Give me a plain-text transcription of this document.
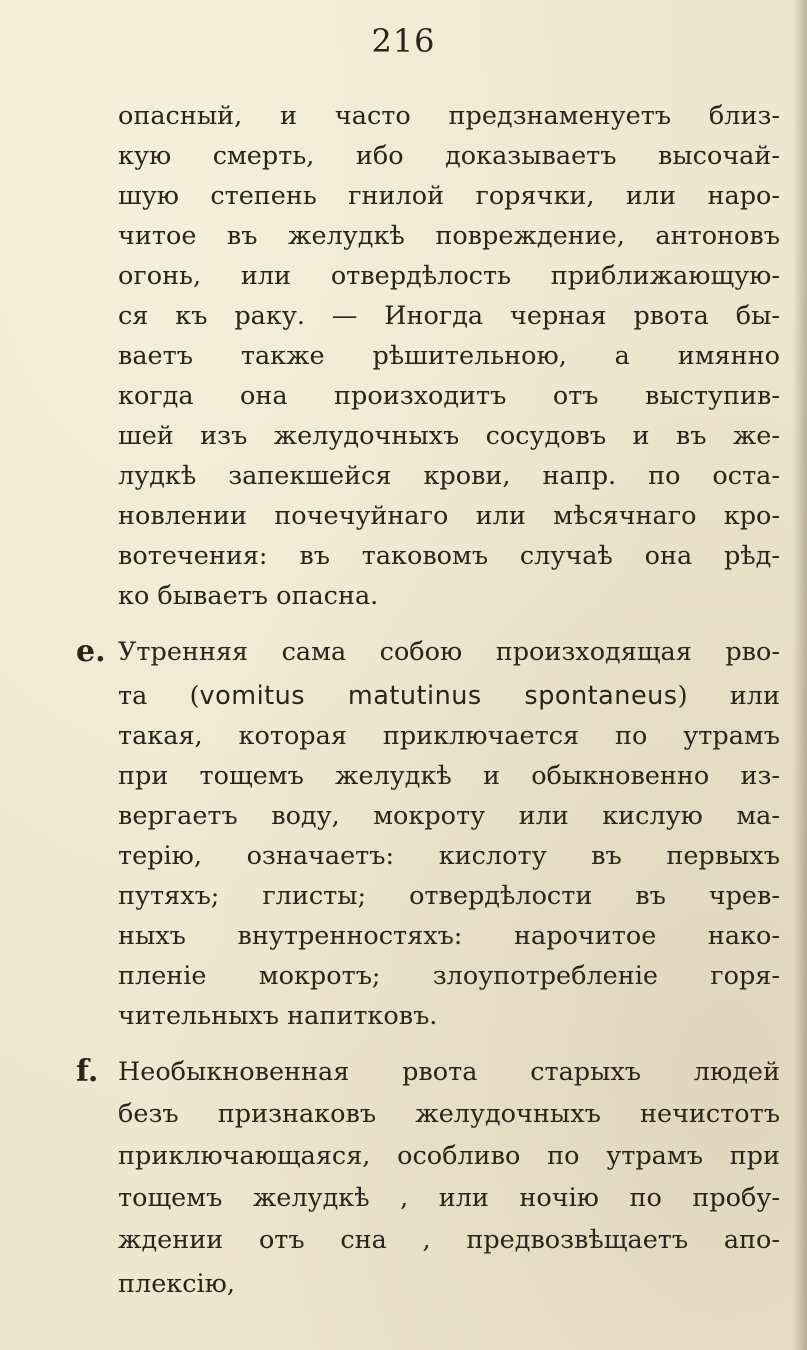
216
опасный, и часто предзнаменуетъ близ-
кую смерть, ибо доказываетъ высочай-
шую степень гнилой горячки, или наро-
читое въ желудкѣ повреждение, антоновъ
огонь, или отвердѣлость приближающую-
ся къ раку. — Иногда черная рвота бы-
ваетъ также рѣшительною, а имянно
когда она произходитъ отъ выступив-
шей изъ желудочныхъ сосудовъ и въ же-
лудкѣ запекшейся крови, напр. по оста-
новлении почечуйнаго или мѣсячнаго кро-
вотечения: въ таковомъ случаѣ она рѣд-
ко бываетъ опасна.
e. Утренняя сама собою произходящая рво-
та (vomitus matutinus spontaneus) или
такая, которая приключается по утрамъ
при тощемъ желудкѣ и обыкновенно из-
вергаетъ воду, мокроту или кислую ма-
терію, означаетъ: кислоту въ первыхъ
путяхъ; глисты; отвердѣлости въ чрев-
ныхъ внутренностяхъ: нарочитое нако-
пленіе мокротъ; злоупотребленіе горя-
чительныхъ напитковъ.
f. Необыкновенная рвота старыхъ людей
безъ признаковъ желудочныхъ нечистотъ
приключающаяся, особливо по утрамъ при
тощемъ желудкѣ , или ночію по пробу-
ждении отъ сна , предвозвѣщаетъ апо-
плексію,
